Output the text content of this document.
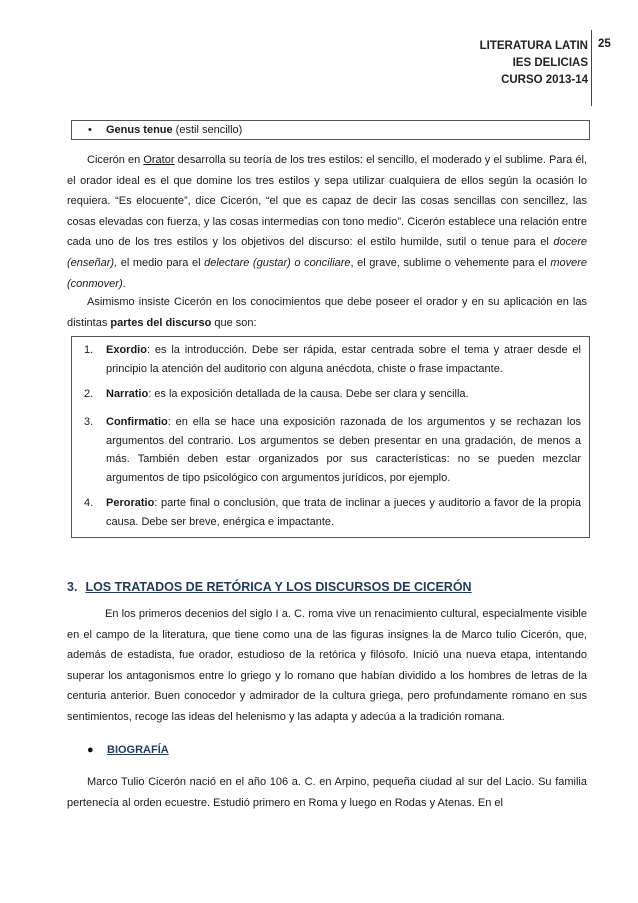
LITERATURA LATIN
IES DELICIAS
CURSO 2013-14
25
• Genus tenue (estil sencillo)

Cicerón en Orator desarrolla su teoría de los tres estilos: el sencillo, el moderado y el sublime. Para él, el orador ideal es el que domine los tres estilos y sepa utilizar cualquiera de ellos según la ocasión lo requiera. “Es elocuente”, dice Cicerón, “el que es capaz de decir las cosas sencillas con sencillez, las cosas elevadas con fuerza, y las cosas intermedias con tono medio”. Cicerón establece una relación entre cada uno de los tres estilos y los objetivos del discurso: el estilo humilde, sutil o tenue para el docere (enseñar), el medio para el delectare (gustar) o conciliare, el grave, sublime o vehemente para el movere (conmover).

Asimismo insiste Cicerón en los conocimientos que debe poseer el orador y en su aplicación en las distintas partes del discurso que son:

1.	Exordio: es la introducción. Debe ser rápida, estar centrada sobre el tema y atraer desde el principio la atención del auditorio con alguna anécdota, chiste o frase impactante.
2.	Narratio: es la exposición detallada de la causa. Debe ser clara y sencilla.
3.	Confirmatio: en ella se hace una exposición razonada de los argumentos y se rechazan los argumentos del contrario. Los argumentos se deben presentar en una gradación, de menos a más. También deben estar organizados por sus características: no se pueden mezclar argumentos de tipo psicológico con argumentos jurídicos, por ejemplo.
4.	Peroratio: parte final o conclusión, que trata de inclinar a jueces y auditorio a favor de la propia causa. Debe ser breve, enérgica e impactante.
3. LOS TRATADOS DE RETÓRICA Y LOS DISCURSOS DE CICERÓN

En los primeros decenios del siglo I a. C. roma vive un renacimiento cultural, especialmente visible en el campo de la literatura, que tiene como una de las figuras insignes la de Marco tulio Cicerón, que, además de estadista, fue orador, estudioso de la retórica y filósofo. Inició una nueva etapa, intentando superar los antagonismos entre lo griego y lo romano que habían dividido a los hombres de letras de la centuria anterior. Buen conocedor y admirador de la cultura griega, pero profundamente romano en sus sentimientos, recoge las ideas del helenismo y las adapta y adecúa a la tradición romana.

● BIOGRAFÍA

Marco Tulio Cicerón nació en el año 106 a. C. en Arpino, pequeña ciudad al sur del Lacio. Su familia pertenecía al orden ecuestre. Estudió primero en Roma y luego en Rodas y Atenas. En el
